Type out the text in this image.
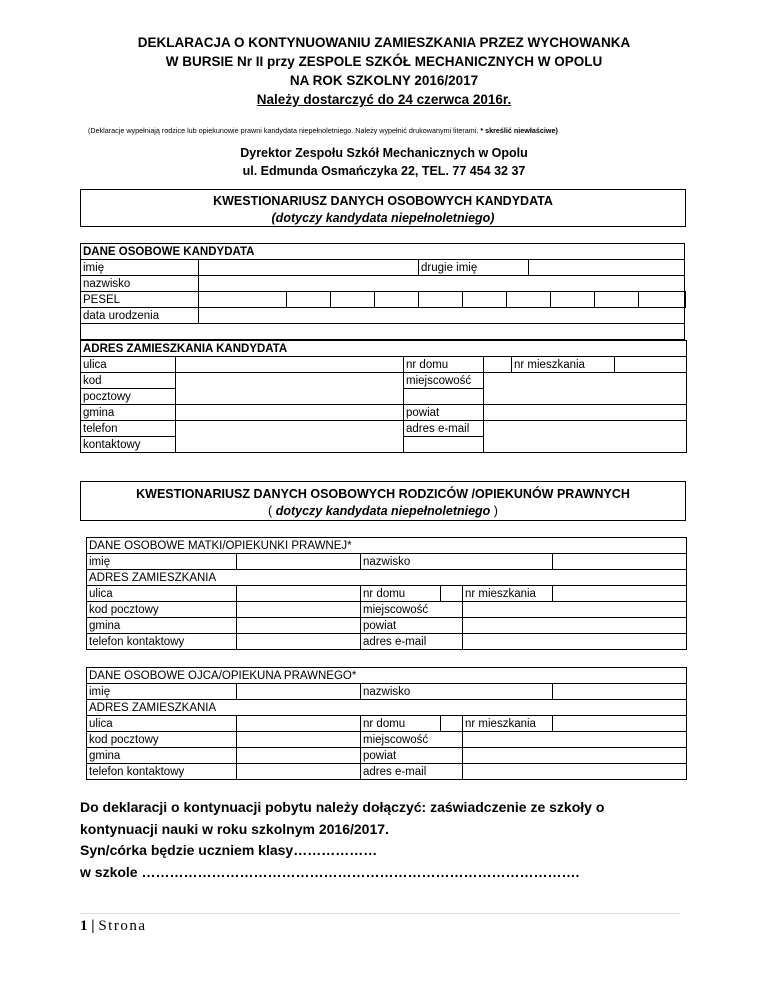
DEKLARACJA O KONTYNUOWANIU ZAMIESZKANIA PRZEZ WYCHOWANKA
W BURSIE Nr II przy ZESPOLE SZKÓŁ MECHANICZNYCH W OPOLU
NA ROK SZKOLNY 2016/2017
Należy dostarczyć do 24 czerwca 2016r.
(Deklaracje wypełniają rodzice lub opiekunowie prawni kandydata niepełnoletniego. Należy wypełnić drukowanymi literami. * skreślić niewłaściwe)
Dyrektor Zespołu Szkół Mechanicznych w Opolu
ul. Edmunda Osmańczyka 22, TEL. 77 454 32 37
KWESTIONARIUSZ DANYCH OSOBOWYCH KANDYDATA
(dotyczy kandydata niepełnoletniego)
DANE OSOBOWE KANDYDATA												
imię					drugie imię							
nazwisko												
PESEL												
data urodzenia												

ADRES ZAMIESZKANIA KANDYDATA					
ulica		nr domu		nr mieszkania	
kod		miejscowość			
pocztowy					
gmina		powiat			
telefon		adres e-mail			
kontaktowy					
KWESTIONARIUSZ DANYCH OSOBOWYCH RODZICÓW /OPIEKUNÓW PRAWNYCH
( dotyczy kandydata niepełnoletniego )
DANE OSOBOWE MATKI/OPIEKUNKI PRAWNEJ*					
imię		nazwisko			
ADRES ZAMIESZKANIA					
ulica		nr domu		nr mieszkania	
kod pocztowy		miejscowość			
gmina		powiat			
telefon kontaktowy		adres e-mail			
DANE OSOBOWE OJCA/OPIEKUNA PRAWNEGO*					
imię		nazwisko			
ADRES ZAMIESZKANIA					
ulica		nr domu		nr mieszkania	
kod pocztowy		miejscowość			
gmina		powiat			
telefon kontaktowy		adres e-mail			
Do deklaracji o kontynuacji pobytu należy dołączyć: zaświadczenie ze szkoły o
kontynuacji nauki w roku szkolnym 2016/2017.
Syn/córka będzie uczniem klasy………………
w szkole ………………………………………………………………………………….
1 | Strona
